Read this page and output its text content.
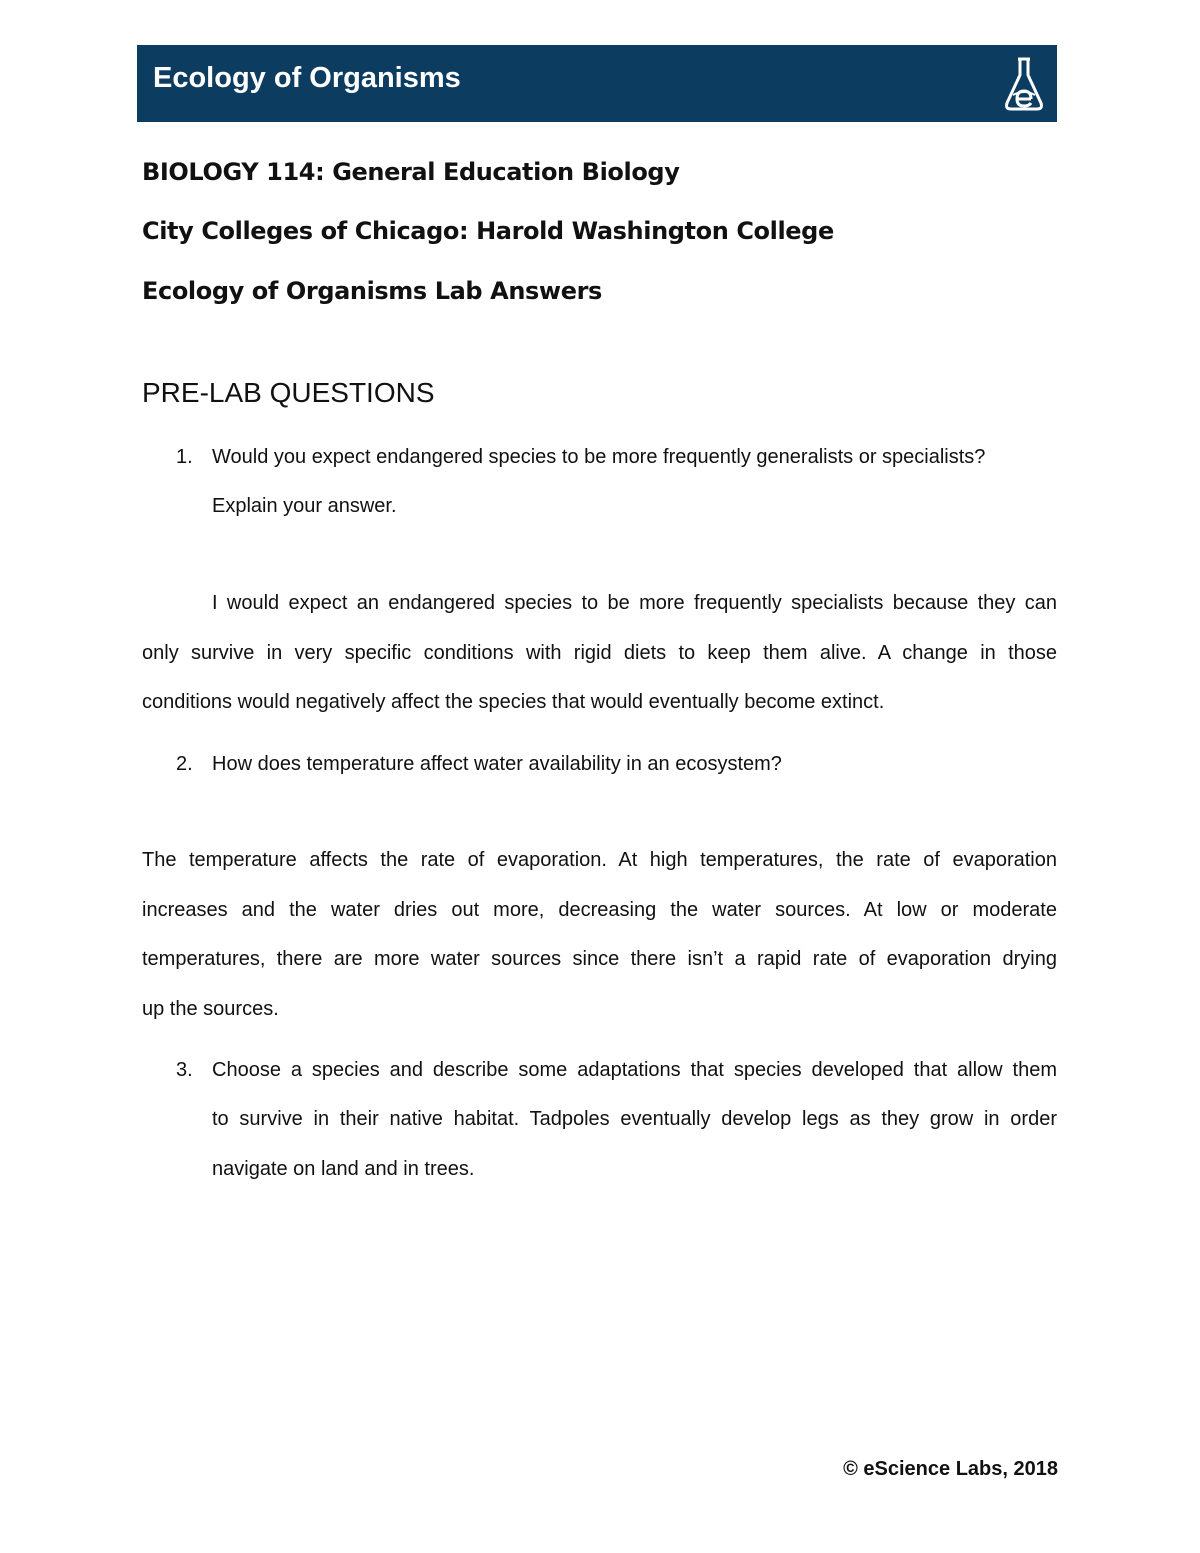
Ecology of Organisms
BIOLOGY 114: General Education Biology
City Colleges of Chicago: Harold Washington College
Ecology of Organisms Lab Answers
PRE-LAB QUESTIONS
1. Would you expect endangered species to be more frequently generalists or specialists?
Explain your answer.
I would expect an endangered species to be more frequently specialists because they can
only survive in very specific conditions with rigid diets to keep them alive. A change in those
conditions would negatively affect the species that would eventually become extinct.
2. How does temperature affect water availability in an ecosystem?
The temperature affects the rate of evaporation. At high temperatures, the rate of evaporation
increases and the water dries out more, decreasing the water sources. At low or moderate
temperatures, there are more water sources since there isn’t a rapid rate of evaporation drying
up the sources.
3. Choose a species and describe some adaptations that species developed that allow them
to survive in their native habitat. Tadpoles eventually develop legs as they grow in order
navigate on land and in trees.
© eScience Labs, 2018
